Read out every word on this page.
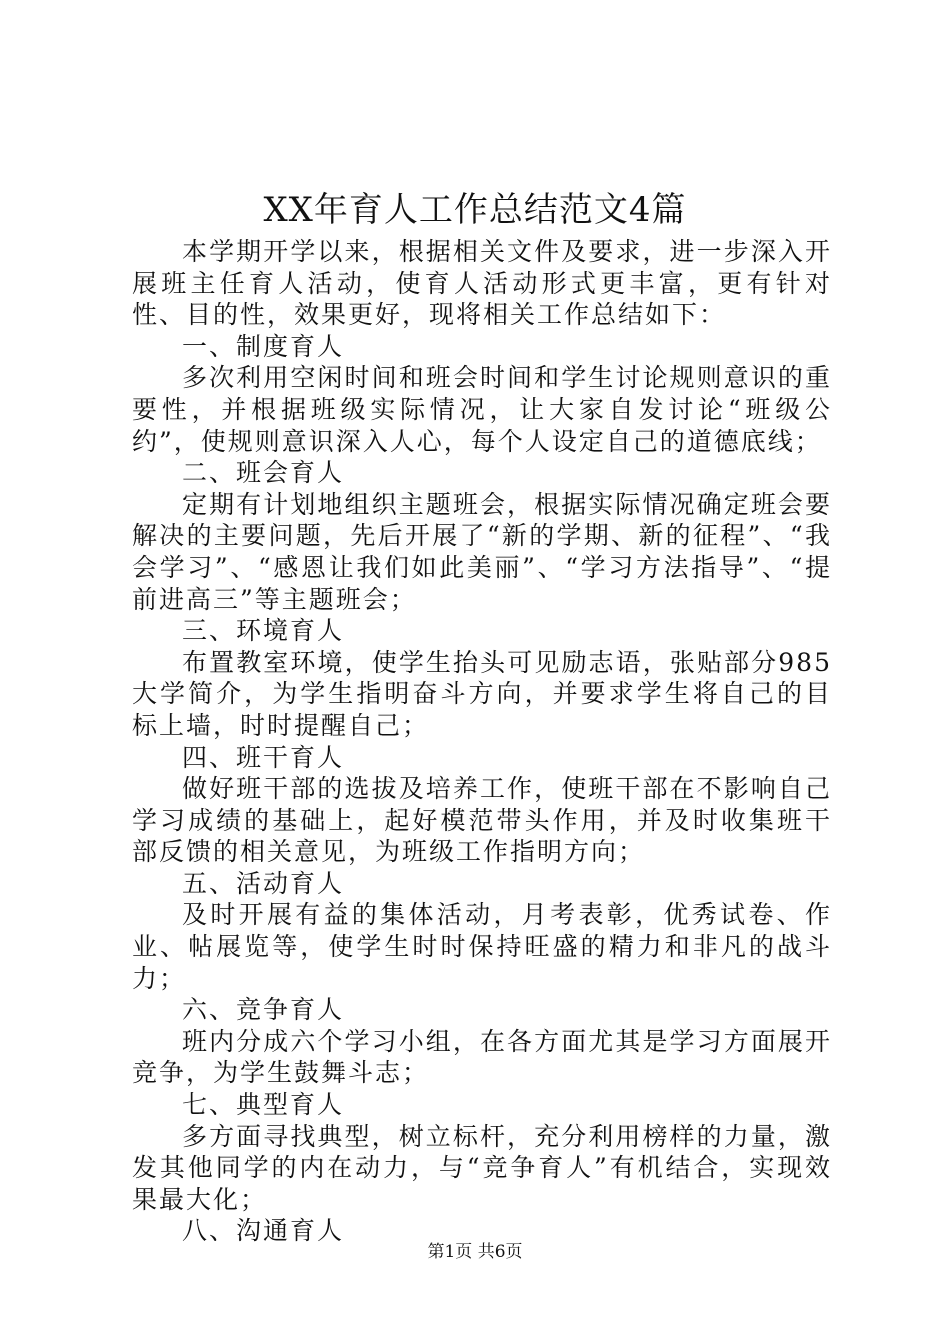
XX年育人工作总结范文4篇

本学期开学以来，根据相关文件及要求，进一步深入开展班主任育人活动，使育人活动形式更丰富，更有针对性、目的性，效果更好，现将相关工作总结如下：

一、制度育人

多次利用空闲时间和班会时间和学生讨论规则意识的重要性，并根据班级实际情况，让大家自发讨论“班级公约”，使规则意识深入人心，每个人设定自己的道德底线；

二、班会育人

定期有计划地组织主题班会，根据实际情况确定班会要解决的主要问题，先后开展了“新的学期、新的征程”、“我会学习”、“感恩让我们如此美丽”、“学习方法指导”、“提前进高三”等主题班会；

三、环境育人

布置教室环境，使学生抬头可见励志语，张贴部分985大学简介，为学生指明奋斗方向，并要求学生将自己的目标上墙，时时提醒自己；

四、班干育人

做好班干部的选拔及培养工作，使班干部在不影响自己学习成绩的基础上，起好模范带头作用，并及时收集班干部反馈的相关意见，为班级工作指明方向；

五、活动育人

及时开展有益的集体活动，月考表彰，优秀试卷、作业、帖展览等，使学生时时保持旺盛的精力和非凡的战斗力；

六、竞争育人

班内分成六个学习小组，在各方面尤其是学习方面展开竞争，为学生鼓舞斗志；

七、典型育人

多方面寻找典型，树立标杆，充分利用榜样的力量，激发其他同学的内在动力，与“竞争育人”有机结合，实现效果最大化；

八、沟通育人

第1页 共6页
